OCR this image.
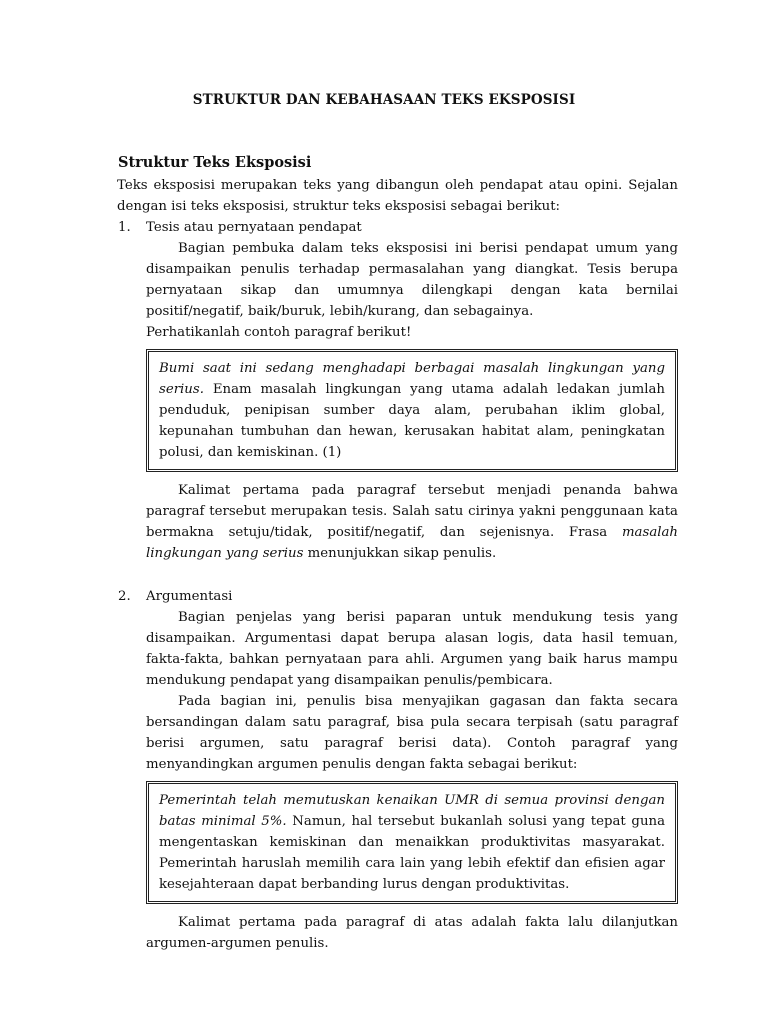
STRUKTUR DAN KEBAHASAAN TEKS EKSPOSISI

Struktur Teks Eksposisi

Teks eksposisi merupakan teks yang dibangun oleh pendapat atau opini. Sejalan dengan isi teks eksposisi, struktur teks eksposisi sebagai berikut:

1.	Tesis atau pernyataan pendapat

Bagian pembuka dalam teks eksposisi ini berisi pendapat umum yang disampaikan penulis terhadap permasalahan yang diangkat. Tesis berupa pernyataan sikap dan umumnya dilengkapi dengan kata bernilai positif/negatif, baik/buruk, lebih/kurang, dan sebagainya.

Perhatikanlah contoh paragraf berikut!

Bumi saat ini sedang menghadapi berbagai masalah lingkungan yang serius. Enam masalah lingkungan yang utama adalah ledakan jumlah penduduk, penipisan sumber daya alam, perubahan iklim global, kepunahan tumbuhan dan hewan, kerusakan habitat alam, peningkatan polusi, dan kemiskinan. (1)

Kalimat pertama pada paragraf tersebut menjadi penanda bahwa paragraf tersebut merupakan tesis. Salah satu cirinya yakni penggunaan kata bermakna setuju/tidak, positif/negatif, dan sejenisnya. Frasa masalah lingkungan yang serius menunjukkan sikap penulis.

2.	Argumentasi

Bagian penjelas yang berisi paparan untuk mendukung tesis yang disampaikan. Argumentasi dapat berupa alasan logis, data hasil temuan, fakta-fakta, bahkan pernyataan para ahli. Argumen yang baik harus mampu mendukung pendapat yang disampaikan penulis/pembicara.

Pada bagian ini, penulis bisa menyajikan gagasan dan fakta secara bersandingan dalam satu paragraf, bisa pula secara terpisah (satu paragraf berisi argumen, satu paragraf berisi data). Contoh paragraf yang menyandingkan argumen penulis dengan fakta sebagai berikut:

Pemerintah telah memutuskan kenaikan UMR di semua provinsi dengan batas minimal 5%. Namun, hal tersebut bukanlah solusi yang tepat guna mengentaskan kemiskinan dan menaikkan produktivitas masyarakat. Pemerintah haruslah memilih cara lain yang lebih efektif dan efisien agar kesejahteraan dapat berbanding lurus dengan produktivitas.

Kalimat pertama pada paragraf di atas adalah fakta lalu dilanjutkan argumen-argumen penulis.
